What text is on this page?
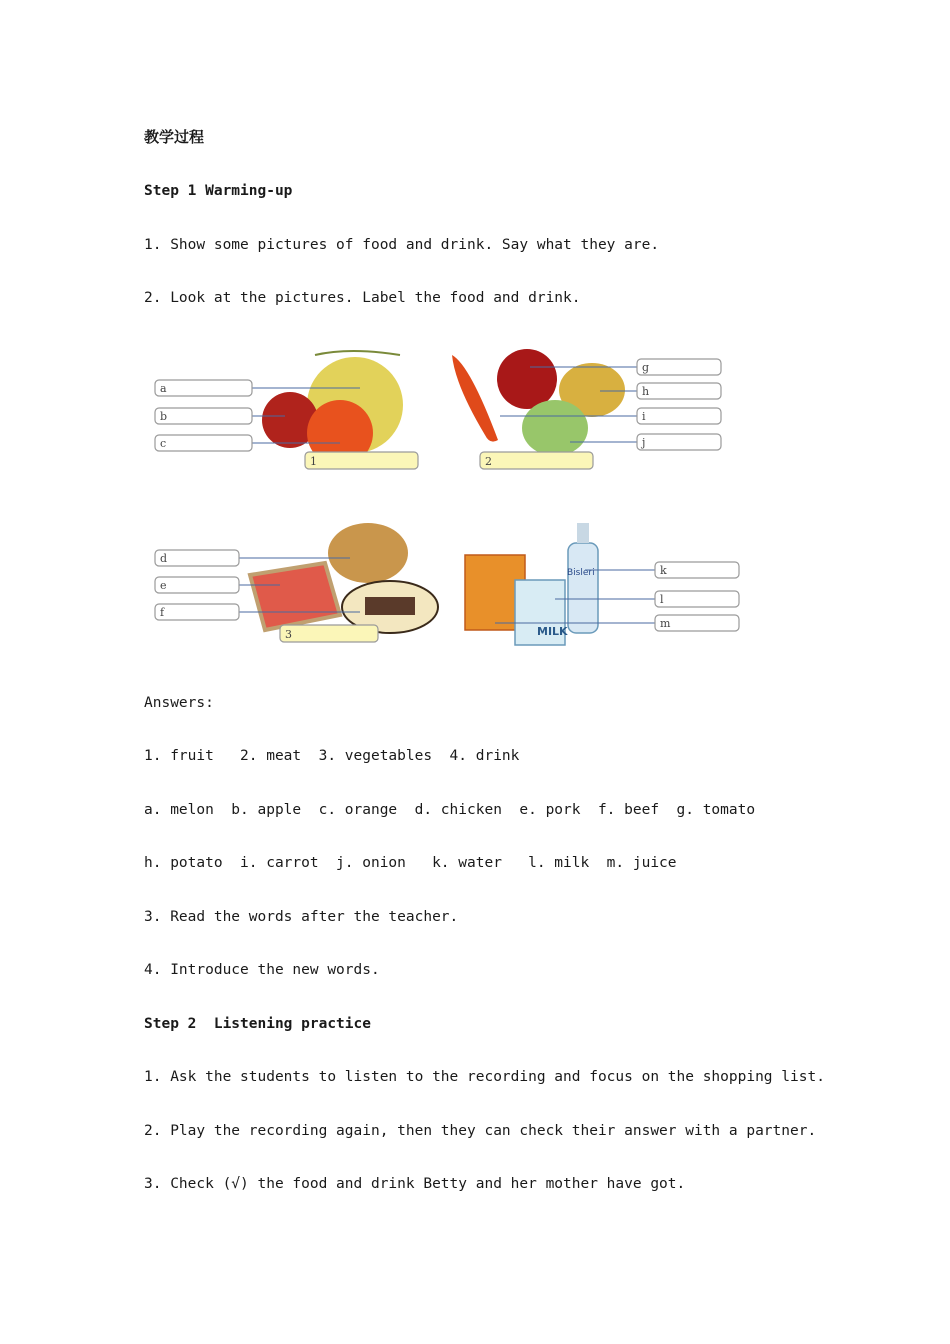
教学过程
Step 1 Warming-up
1. Show some pictures of food and drink. Say what they are.
2. Look at the pictures. Label the food and drink.
a
b
c
1
g
h
i
j
2
d
e
f
3	MILK
Bisleri	k
l
m
Answers:
1. fruit   2. meat  3. vegetables  4. drink
a. melon  b. apple  c. orange  d. chicken  e. pork  f. beef  g. tomato
h. potato  i. carrot  j. onion   k. water   l. milk  m. juice
3. Read the words after the teacher.
4. Introduce the new words.
Step 2  Listening practice
1. Ask the students to listen to the recording and focus on the shopping list.
2. Play the recording again, then they can check their answer with a partner.
3. Check (√) the food and drink Betty and her mother have got.
